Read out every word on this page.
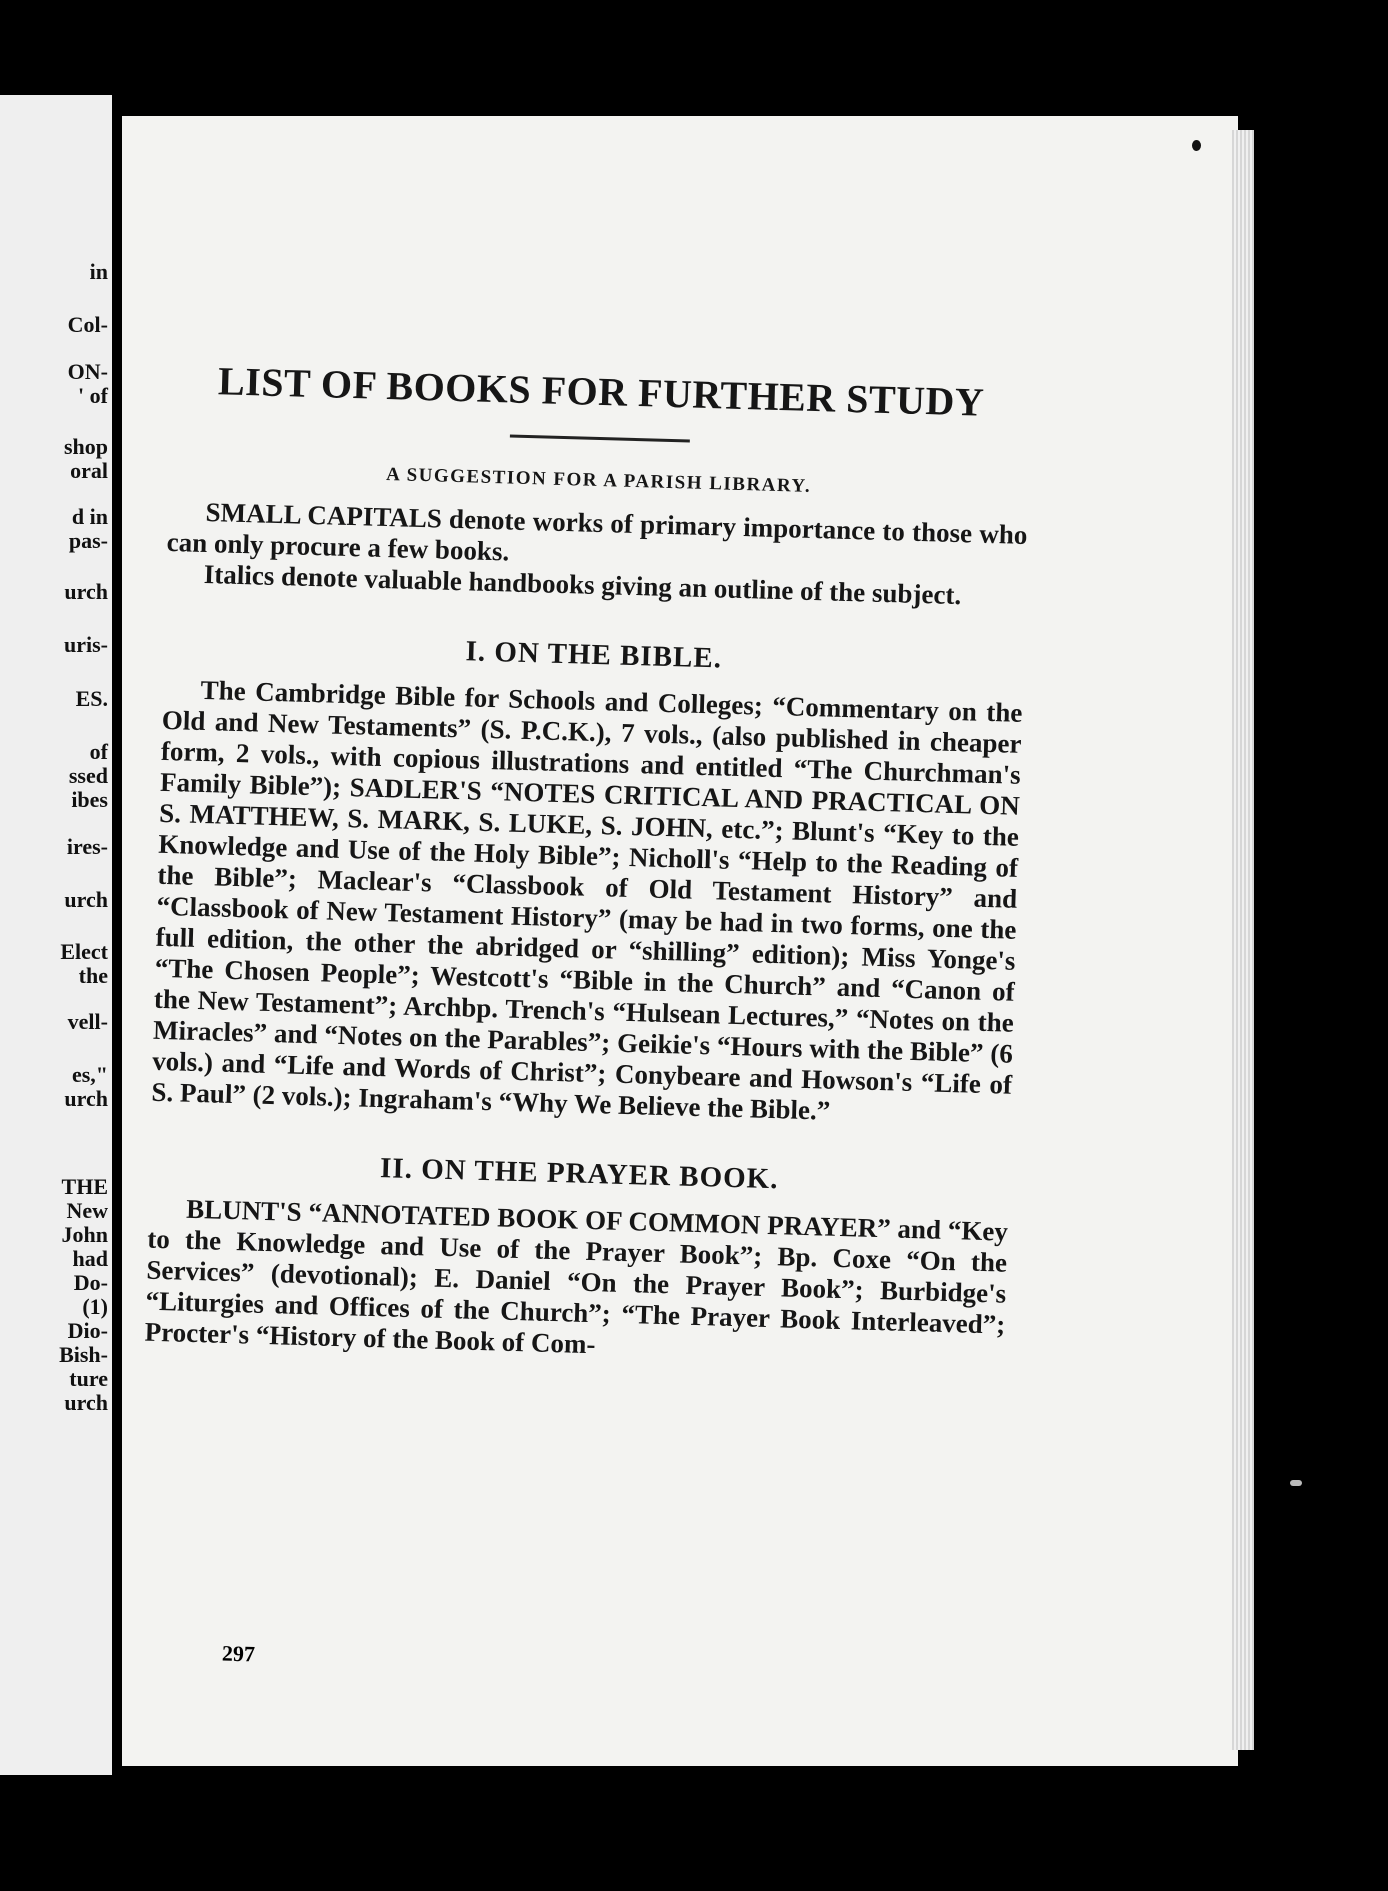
in
Col-
ON-
' of
shop
oral
d in
pas-
urch
uris-
ES.
of
ssed
ibes
ires-
urch
Elect
the
vell-
es,"
urch
THE
New
John
had
Do-
(1)
Dio-
Bish-
ture
urch
LIST OF BOOKS FOR FURTHER STUDY

A SUGGESTION FOR A PARISH LIBRARY.

SMALL CAPITALS denote works of primary importance to those who can only procure a few books.

Italics denote valuable handbooks giving an outline of the subject.

I. ON THE BIBLE.

The Cambridge Bible for Schools and Colleges; “Commentary on the Old and New Testaments” (S. P.C.K.), 7 vols., (also published in cheaper form, 2 vols., with copious illustrations and entitled “The Churchman's Family Bible”); SADLER'S “NOTES CRITICAL AND PRACTICAL ON S. MATTHEW, S. MARK, S. LUKE, S. JOHN, etc.”; Blunt's “Key to the Knowledge and Use of the Holy Bible”; Nicholl's “Help to the Reading of the Bible”; Maclear's “Classbook of Old Testament History” and “Classbook of New Testament History” (may be had in two forms, one the full edition, the other the abridged or “shilling” edition); Miss Yonge's “The Chosen People”; Westcott's “Bible in the Church” and “Canon of the New Testament”; Archbp. Trench's “Hulsean Lectures,” “Notes on the Miracles” and “Notes on the Parables”; Geikie's “Hours with the Bible” (6 vols.) and “Life and Words of Christ”; Conybeare and Howson's “Life of S. Paul” (2 vols.); Ingraham's “Why We Believe the Bible.”

II. ON THE PRAYER BOOK.

BLUNT'S “ANNOTATED BOOK OF COMMON PRAYER” and “Key to the Knowledge and Use of the Prayer Book”; Bp. Coxe “On the Services” (devotional); E. Daniel “On the Prayer Book”; Burbidge's “Liturgies and Offices of the Church”; “The Prayer Book Interleaved”; Procter's “History of the Book of Com-

297
